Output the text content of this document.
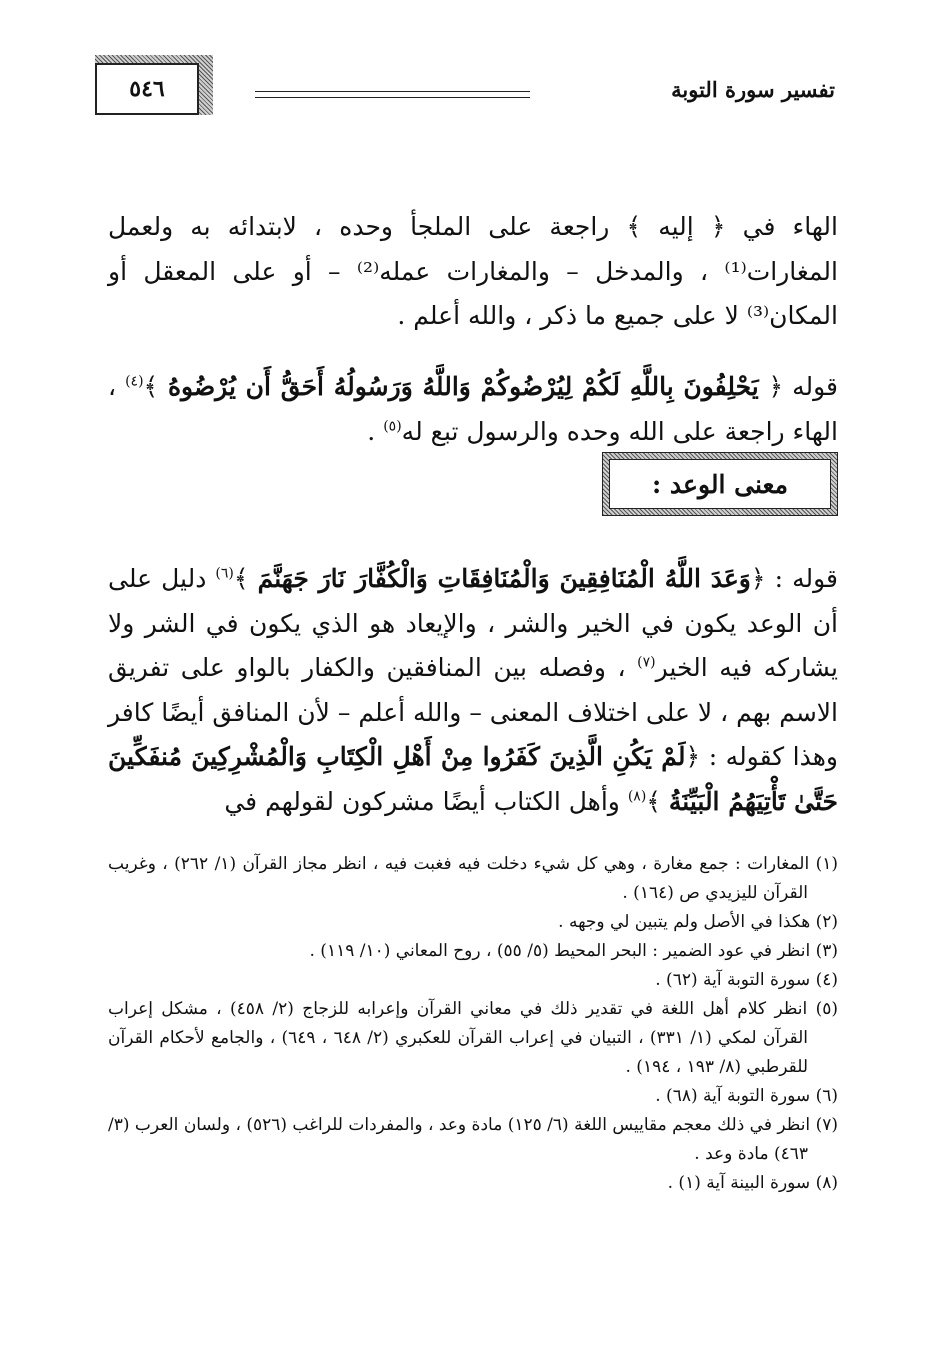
٥٤٦	تفسير سورة التوبة

الهاء في ﴿ إليه ﴾ راجعة على الملجأ وحده ، لابتدائه به ولعمل المغارات⁽¹⁾ ، والمدخل – والمغارات عمله⁽²⁾ – أو على المعقل أو المكان⁽³⁾ لا على جميع ما ذكر ، والله أعلم .

قوله ﴿ يَحْلِفُونَ بِاللَّهِ لَكُمْ لِيُرْضُوكُمْ وَاللَّهُ وَرَسُولُهُ أَحَقُّ أَن يُرْضُوهُ ﴾$^{(٤)}$ ، الهاء راجعة على الله وحده والرسول تبع له$^{(٥)}$ .

معنى الوعد :

قوله : ﴿وَعَدَ اللَّهُ الْمُنَافِقِينَ وَالْمُنَافِقَاتِ وَالْكُفَّارَ نَارَ جَهَنَّمَ ﴾$^{(٦)}$ دليل على أن الوعد يكون في الخير والشر ، والإيعاد هو الذي يكون في الشر ولا يشاركه فيه الخير$^{(٧)}$ ، وفصله بين المنافقين والكفار بالواو على تفريق الاسم بهم ، لا على اختلاف المعنى – والله أعلم – لأن المنافق أيضًا كافر وهذا كقوله : ﴿لَمْ يَكُنِ الَّذِينَ كَفَرُوا مِنْ أَهْلِ الْكِتَابِ وَالْمُشْرِكِينَ مُنفَكِّينَ حَتَّىٰ تَأْتِيَهُمُ الْبَيِّنَةُ ﴾$^{(٨)}$ وأهل الكتاب أيضًا مشركون لقولهم في

(١) المغارات : جمع مغارة ، وهي كل شيء دخلت فيه فغبت فيه ، انظر مجاز القرآن (١/ ٢٦٢) ، وغريب القرآن لليزيدي ص (١٦٤) .
(٢) هكذا في الأصل ولم يتبين لي وجهه .
(٣) انظر في عود الضمير : البحر المحيط (٥/ ٥٥) ، روح المعاني (١٠/ ١١٩) .
(٤) سورة التوبة آية (٦٢) .
(٥) انظر كلام أهل اللغة في تقدير ذلك في معاني القرآن وإعرابه للزجاج (٢/ ٤٥٨) ، مشكل إعراب القرآن لمكي (١/ ٣٣١) ، التبيان في إعراب القرآن للعكبري (٢/ ٦٤٨ ، ٦٤٩) ، والجامع لأحكام القرآن للقرطبي (٨/ ١٩٣ ، ١٩٤) .
(٦) سورة التوبة آية (٦٨) .
(٧) انظر في ذلك معجم مقاييس اللغة (٦/ ١٢٥) مادة وعد ، والمفردات للراغب (٥٢٦) ، ولسان العرب (٣/ ٤٦٣) مادة وعد .
(٨) سورة البينة آية (١) .
